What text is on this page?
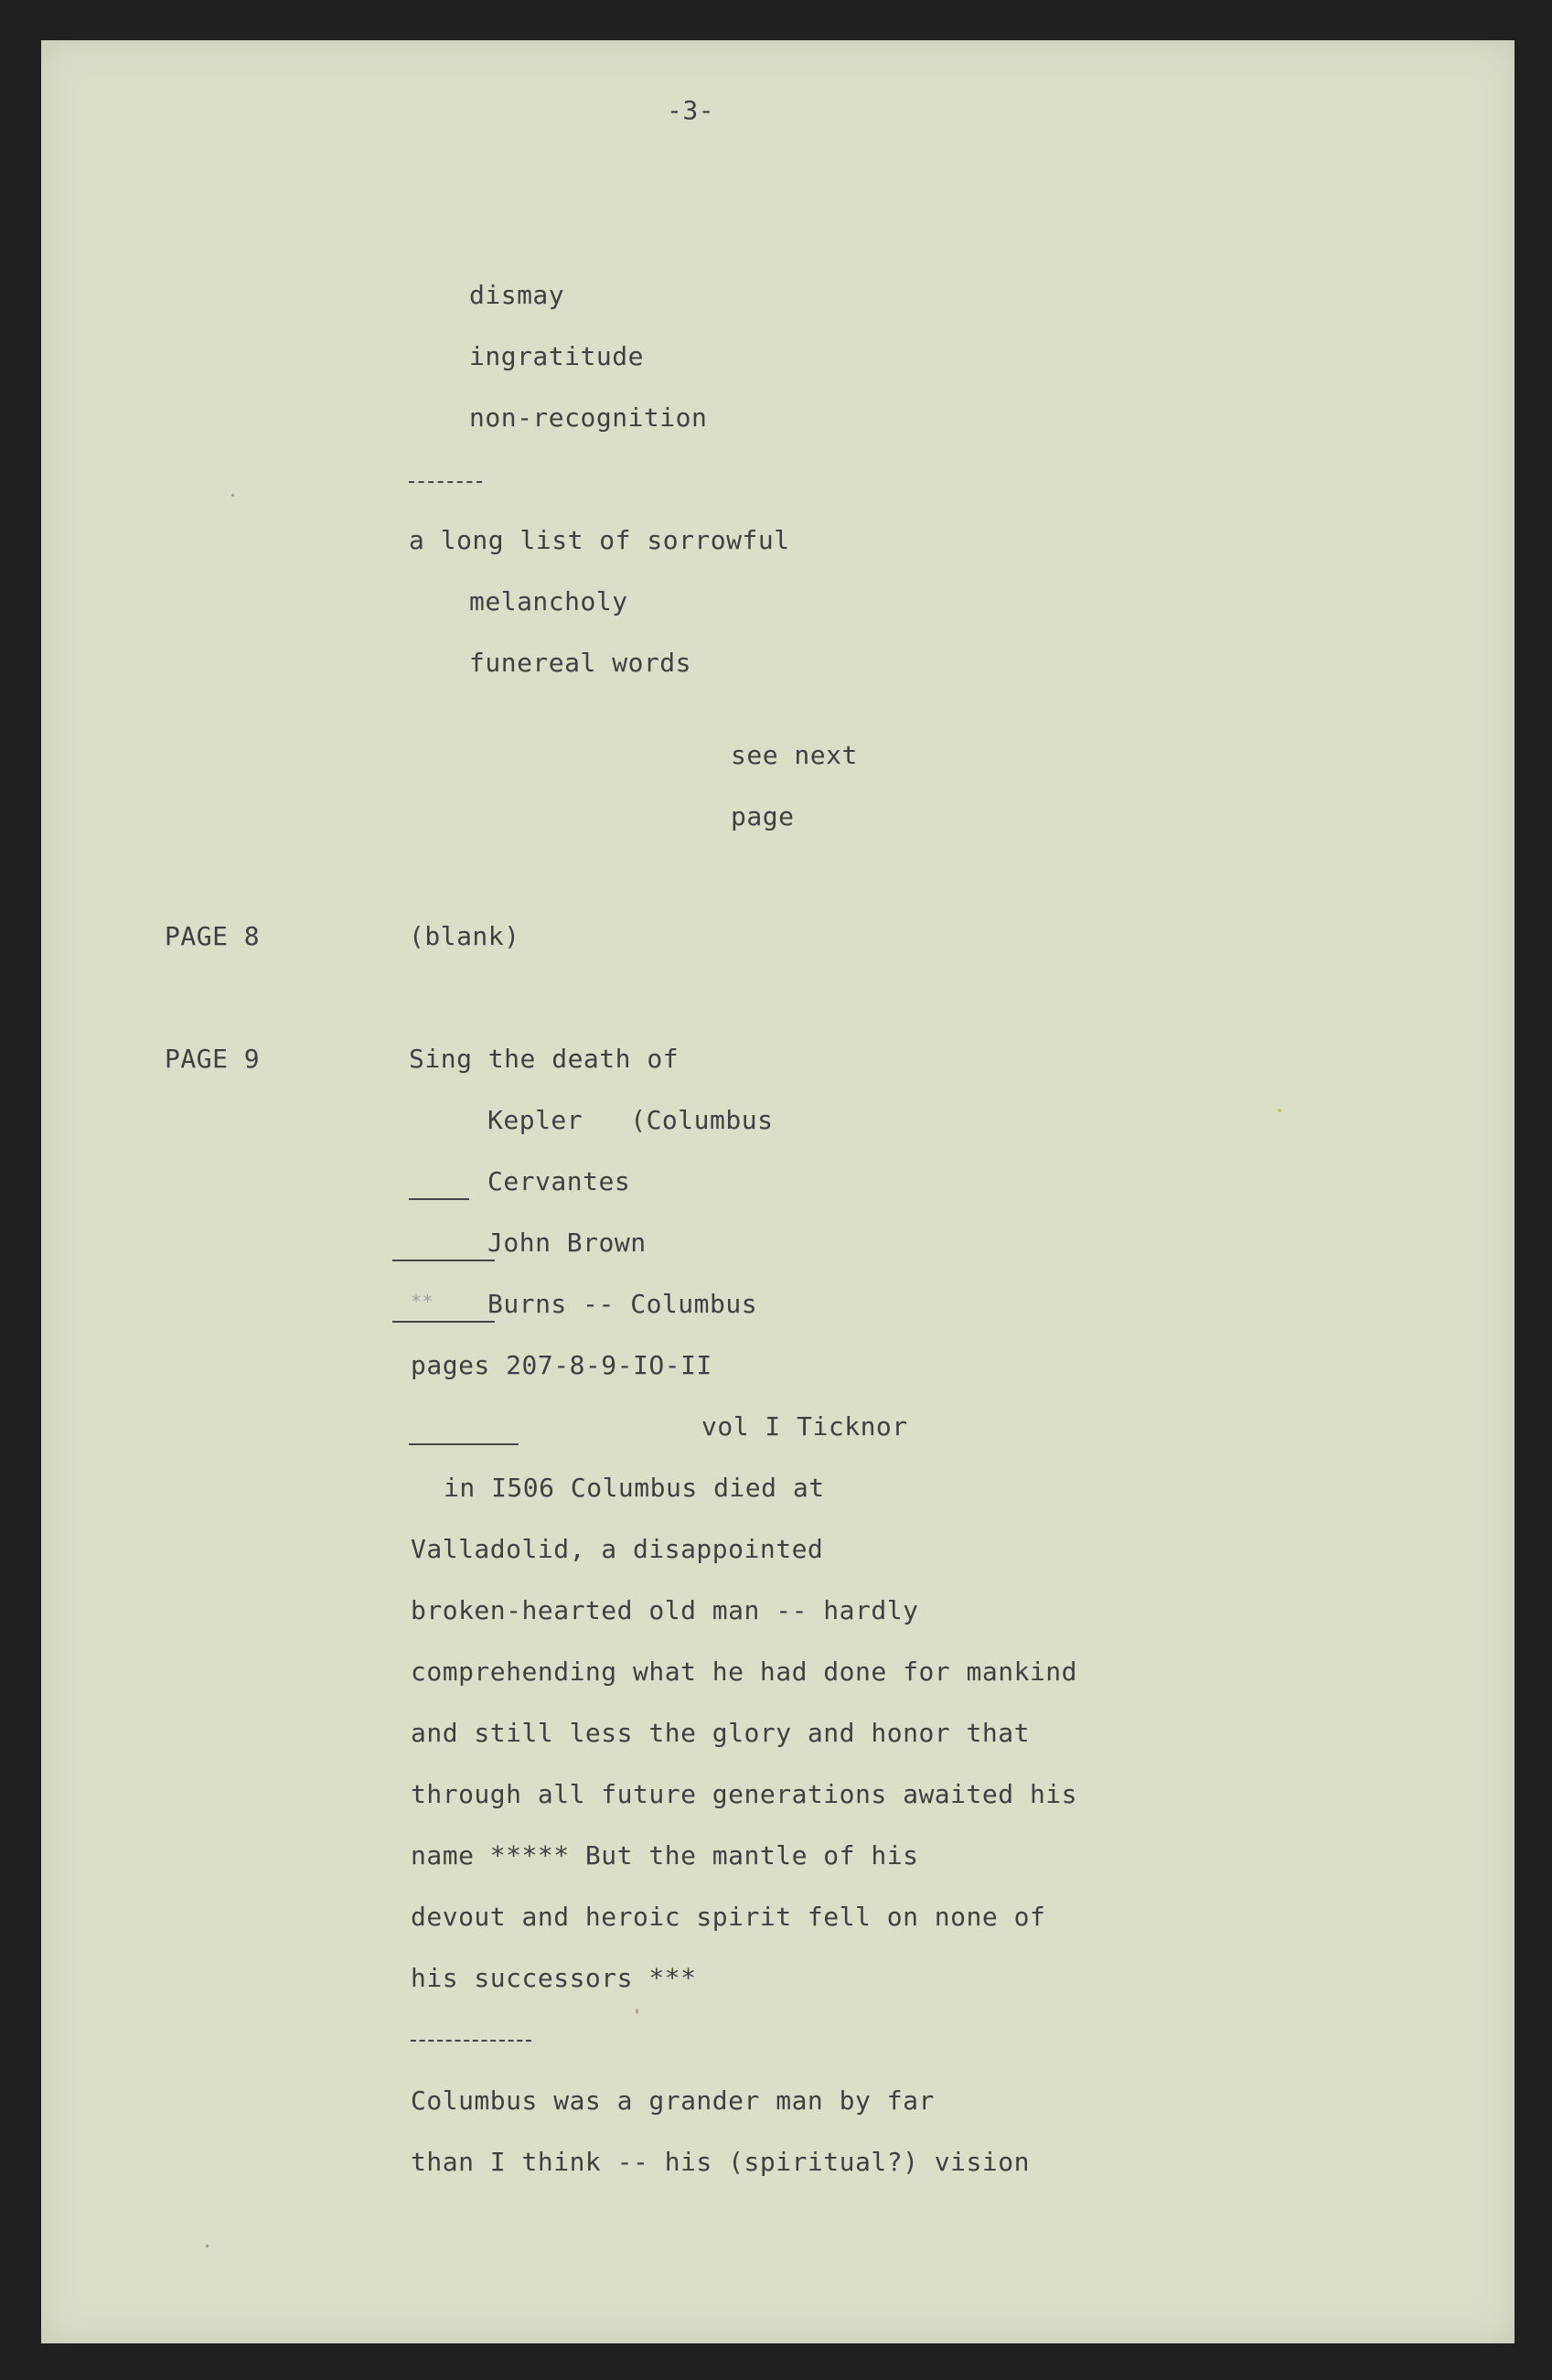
-3-
dismay
ingratitude
non-recognition
a long list of sorrowful
melancholy
funereal words
see next
page
PAGE 8	(blank)
PAGE 9	Sing the death of
Kepler   (Columbus
Cervantes
John Brown
** Burns -- Columbus
pages 207-8-9-IO-II
vol I Ticknor
in I506 Columbus died at
Valladolid, a disappointed
broken-hearted old man -- hardly
comprehending what he had done for mankind
and still less the glory and honor that
through all future generations awaited his
name ***** But the mantle of his
devout and heroic spirit fell on none of
his successors ***
Columbus was a grander man by far
than I think -- his (spiritual?) vision
